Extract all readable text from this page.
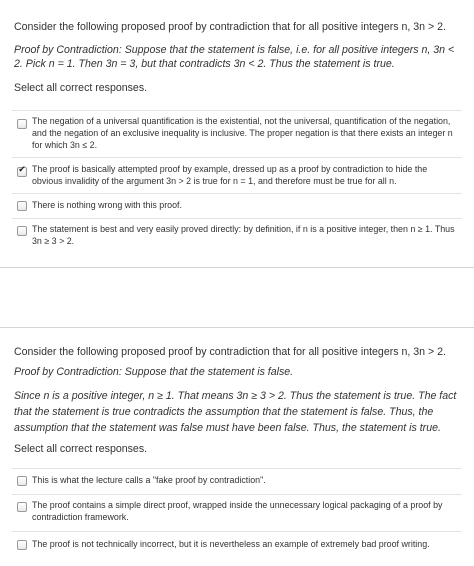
Consider the following proposed proof by contradiction that for all positive integers n, 3n > 2.
Proof by Contradiction: Suppose that the statement is false, i.e. for all positive integers n, 3n < 2. Pick n = 1. Then 3n = 3, but that contradicts 3n < 2. Thus the statement is true.
Select all correct responses.
The negation of a universal quantification is the existential, not the universal, quantification of the negation, and the negation of an exclusive inequality is inclusive. The proper negation is that there exists an integer n for which 3n ≤ 2.
✔ The proof is basically attempted proof by example, dressed up as a proof by contradiction to hide the obvious invalidity of the argument 3n > 2 is true for n = 1, and therefore must be true for all n.
There is nothing wrong with this proof.
The statement is best and very easily proved directly: by definition, if n is a positive integer, then n ≥ 1. Thus 3n ≥ 3 > 2.
Consider the following proposed proof by contradiction that for all positive integers n, 3n > 2.
Proof by Contradiction: Suppose that the statement is false.
Since n is a positive integer, n ≥ 1. That means 3n ≥ 3 > 2. Thus the statement is true. The fact that the statement is true contradicts the assumption that the statement is false. Thus, the assumption that the statement was false must have been false. Thus, the statement is true.
Select all correct responses.
This is what the lecture calls a "fake proof by contradiction".
The proof contains a simple direct proof, wrapped inside the unnecessary logical packaging of a proof by contradiction framework.
The proof is not technically incorrect, but it is nevertheless an example of extremely bad proof writing.
